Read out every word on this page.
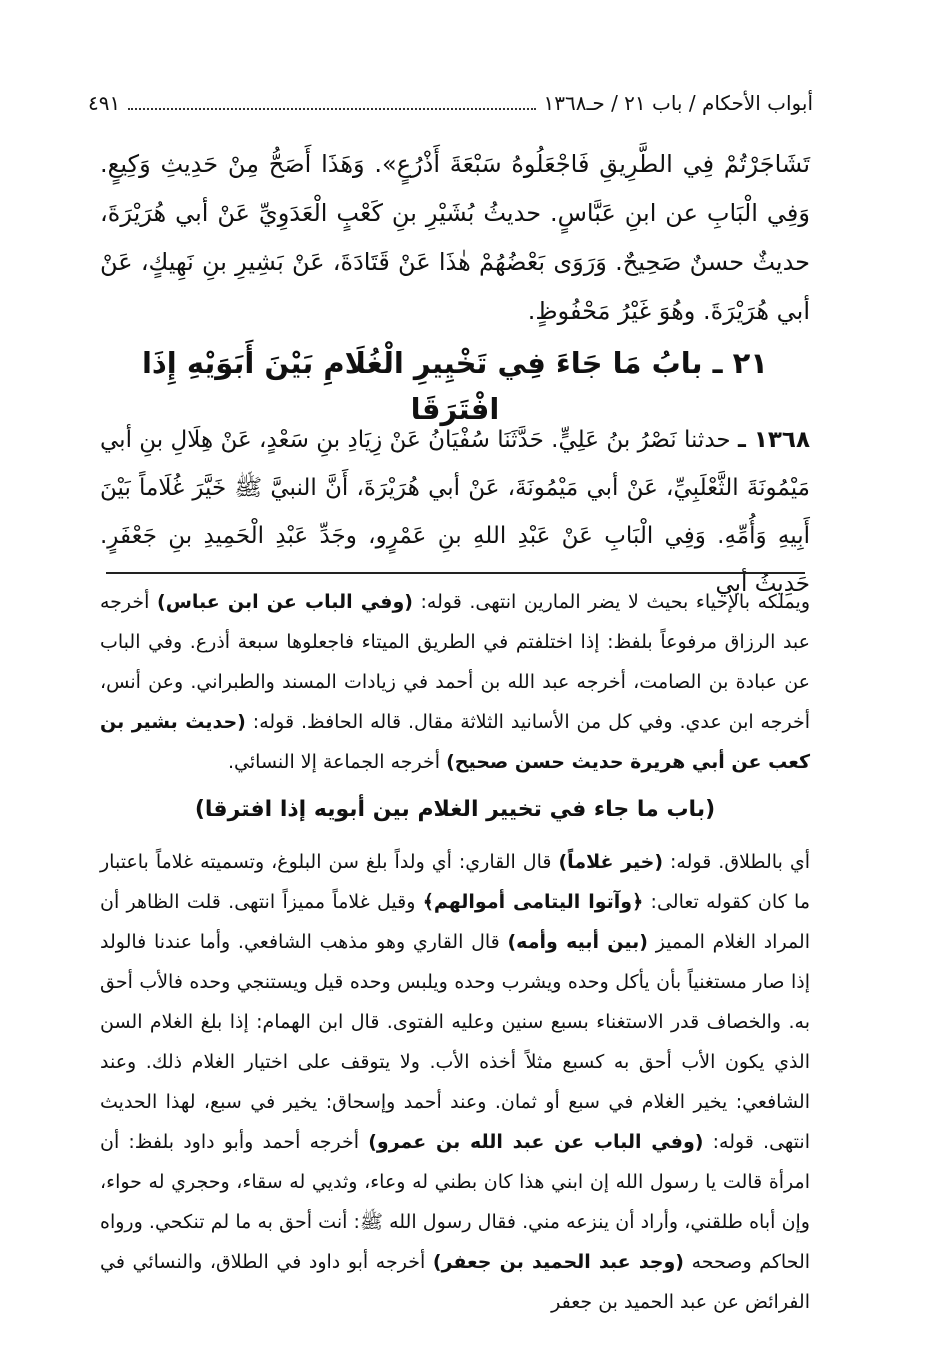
أبواب الأحكام / باب ٢١ / حـ١٣٦٨
٤٩١

تَشَاجَرْتُمْ فِي الطَّرِيقِ فَاجْعَلُوهُ سَبْعَةَ أَذْرُعٍ». وَهَذَا أَصَحُّ مِنْ حَدِيثِ وَكِيعٍ. وَفِي الْبَابِ عن ابنِ عَبَّاسٍ. حديثُ بُشَيْرِ بنِ كَعْبٍ الْعَدَوِيِّ عَنْ أبي هُرَيْرَةَ، حديثٌ حسنٌ صَحِيحٌ. وَرَوَى بَعْضُهُمْ هٰذَا عَنْ قَتَادَةَ، عَنْ بَشِيرِ بنِ نَهِيكٍ، عَنْ أبي هُرَيْرَةَ. وهُوَ غَيْرُ مَحْفُوظٍ.

٢١ ـ بابُ مَا جَاءَ فِي تَخْيِيرِ الْغُلَامِ بَيْنَ أَبَوَيْهِ إِذَا افْتَرَقَا

١٣٦٨ ـ حدثنا نَصْرُ بنُ عَلِيٍّ. حَدَّثَنَا سُفْيَانُ عَنْ زِيَادِ بنِ سَعْدٍ، عَنْ هِلَالِ بنِ أبي مَيْمُونَةَ الثَّعْلَبِيِّ، عَنْ أبي مَيْمُونَةَ، عَنْ أبي هُرَيْرَةَ، أَنَّ النبيَّ ﷺ خَيَّرَ غُلَاماً بَيْنَ أَبِيهِ وَأُمِّهِ. وَفِي الْبَابِ عَنْ عَبْدِ اللهِ بنِ عَمْرٍو، وجَدِّ عَبْدِ الْحَمِيدِ بنِ جَعْفَرٍ. حَدِيثُ أبي

ويملكه بالإحياء بحيث لا يضر المارين انتهى. قوله: (وفي الباب عن ابن عباس) أخرجه عبد الرزاق مرفوعاً بلفظ: إذا اختلفتم في الطريق الميتاء فاجعلوها سبعة أذرع. وفي الباب عن عبادة بن الصامت، أخرجه عبد الله بن أحمد في زيادات المسند والطبراني. وعن أنس، أخرجه ابن عدي. وفي كل من الأسانيد الثلاثة مقال. قاله الحافظ. قوله: (حديث بشير بن كعب عن أبي هريرة حديث حسن صحيح) أخرجه الجماعة إلا النسائي.

(باب ما جاء في تخيير الغلام بين أبويه إذا افترقا)

أي بالطلاق. قوله: (خير غلاماً) قال القاري: أي ولداً بلغ سن البلوغ، وتسميته غلاماً باعتبار ما كان كقوله تعالى: ﴿وآتوا اليتامى أموالهم﴾ وقيل غلاماً مميزاً انتهى. قلت الظاهر أن المراد الغلام المميز (بين أبيه وأمه) قال القاري وهو مذهب الشافعي. وأما عندنا فالولد إذا صار مستغنياً بأن يأكل وحده ويشرب وحده ويلبس وحده قيل ويستنجي وحده فالأب أحق به. والخصاف قدر الاستغناء بسبع سنين وعليه الفتوى. قال ابن الهمام: إذا بلغ الغلام السن الذي يكون الأب أحق به كسبع مثلاً أخذه الأب. ولا يتوقف على اختيار الغلام ذلك. وعند الشافعي: يخير الغلام في سبع أو ثمان. وعند أحمد وإسحاق: يخير في سبع، لهذا الحديث انتهى. قوله: (وفي الباب عن عبد الله بن عمرو) أخرجه أحمد وأبو داود بلفظ: أن امرأة قالت يا رسول الله إن ابني هذا كان بطني له وعاء، وثديي له سقاء، وحجري له حواء، وإن أباه طلقني، وأراد أن ينزعه مني. فقال رسول الله ﷺ: أنت أحق به ما لم تنكحي. ورواه الحاكم وصححه (وجد عبد الحميد بن جعفر) أخرجه أبو داود في الطلاق، والنسائي في الفرائض عن عبد الحميد بن جعفر
